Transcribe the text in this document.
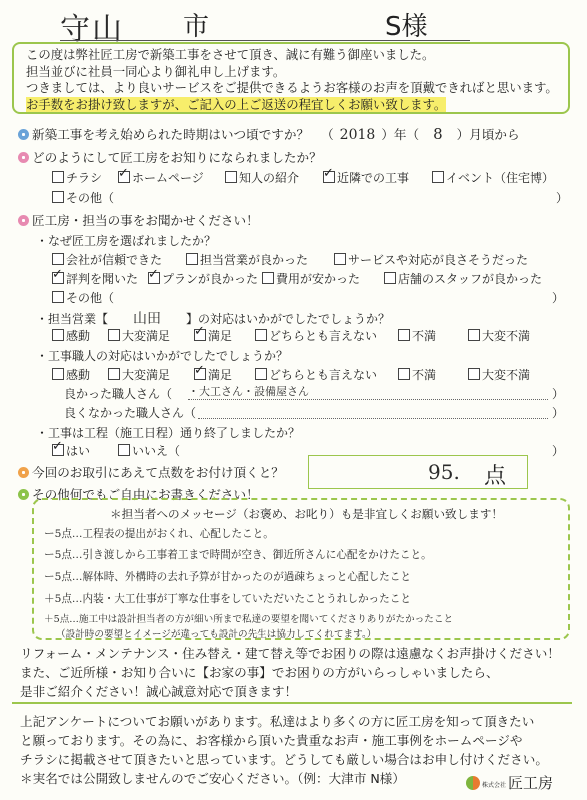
守山 市	S様
この度は弊社匠工房で新築工事をさせて頂き、誠に有難う御座いました。
担当並びに社員一同心より御礼申し上げます。
つきましては、より良いサービスをご提供できるようお客様のお声を頂戴できればと思います。
お手数をお掛け致しますが、ご記入の上ご返送の程宜しくお願い致します。
新築工事を考え始められた時期はいつ頃ですか？ （ 2018 ）年（ 8 ）月頃から
どのようにして匠工房をお知りになられましたか？
チラシ ✓	ホームページ	知人の紹介 ✓	近隣での工事	イベント（住宅博）
その他（	）
匠工房・担当の事をお聞かせください！
・なぜ匠工房を選ばれましたか？
会社が信頼できた	担当営業が良かった	サービスや対応が良さそうだった
✓評判を聞いた ✓	プランが良かった	費用が安かった	店舗のスタッフが良かった
その他（	）
・担当営業【 山田 】の対応はいかがでしたでしょうか？
感動	大変満足 ✓	満足	どちらとも言えない	不満	大変不満
・工事職人の対応はいかがでしたでしょうか？
感動	大変満足 ✓	満足	どちらとも言えない	不満	大変不満
良かった職人さん（ ・大工さん・設備屋さん	）
良くなかった職人さん（	）
・工事は工程（施工日程）通り終了しましたか？
✓はい	いいえ（	）
今回のお取引にあえて点数をお付け頂くと？	95. 点
その他何でもご自由にお書きください！
＊担当者へのメッセージ（お褒め、お叱り）も是非宜しくお願い致します！
ー5点…工程表の提出がおくれ、心配したこと。
ー5点…引き渡しから工事着工まで時間が空き、御近所さんに心配をかけたこと。
ー5点…解体時、外構時の去れ予算が甘かったのが過疎ちょっと心配したこと
＋5点…内装・大工仕事が丁寧な仕事をしていただいたことうれしかったこと
＋5点…施工中は設計担当者の方が細い所まで私達の要望を聞いてくださりありがたかったこと
（設計時の要望とイメージが違っても設計の先生は協力してくれてます。）
リフォーム・メンテナンス・住み替え・建て替え等でお困りの際は遠慮なくお声掛けください！
また、ご近所様・お知り合いに【お家の事】でお困りの方がいらっしゃいましたら、
是非ご紹介ください！誠心誠意対応で頂きます！
上記アンケートについてお願いがあります。私達はより多くの方に匠工房を知って頂きたい
と願っております。その為に、お客様から頂いた貴重なお声・施工事例をホームページや
チラシに掲載させて頂きたいと思っています。どうしても厳しい場合はお申し付けください。
＊実名では公開致しませんのでご安心ください。（例：大津市 N様）	株式会社 匠工房
